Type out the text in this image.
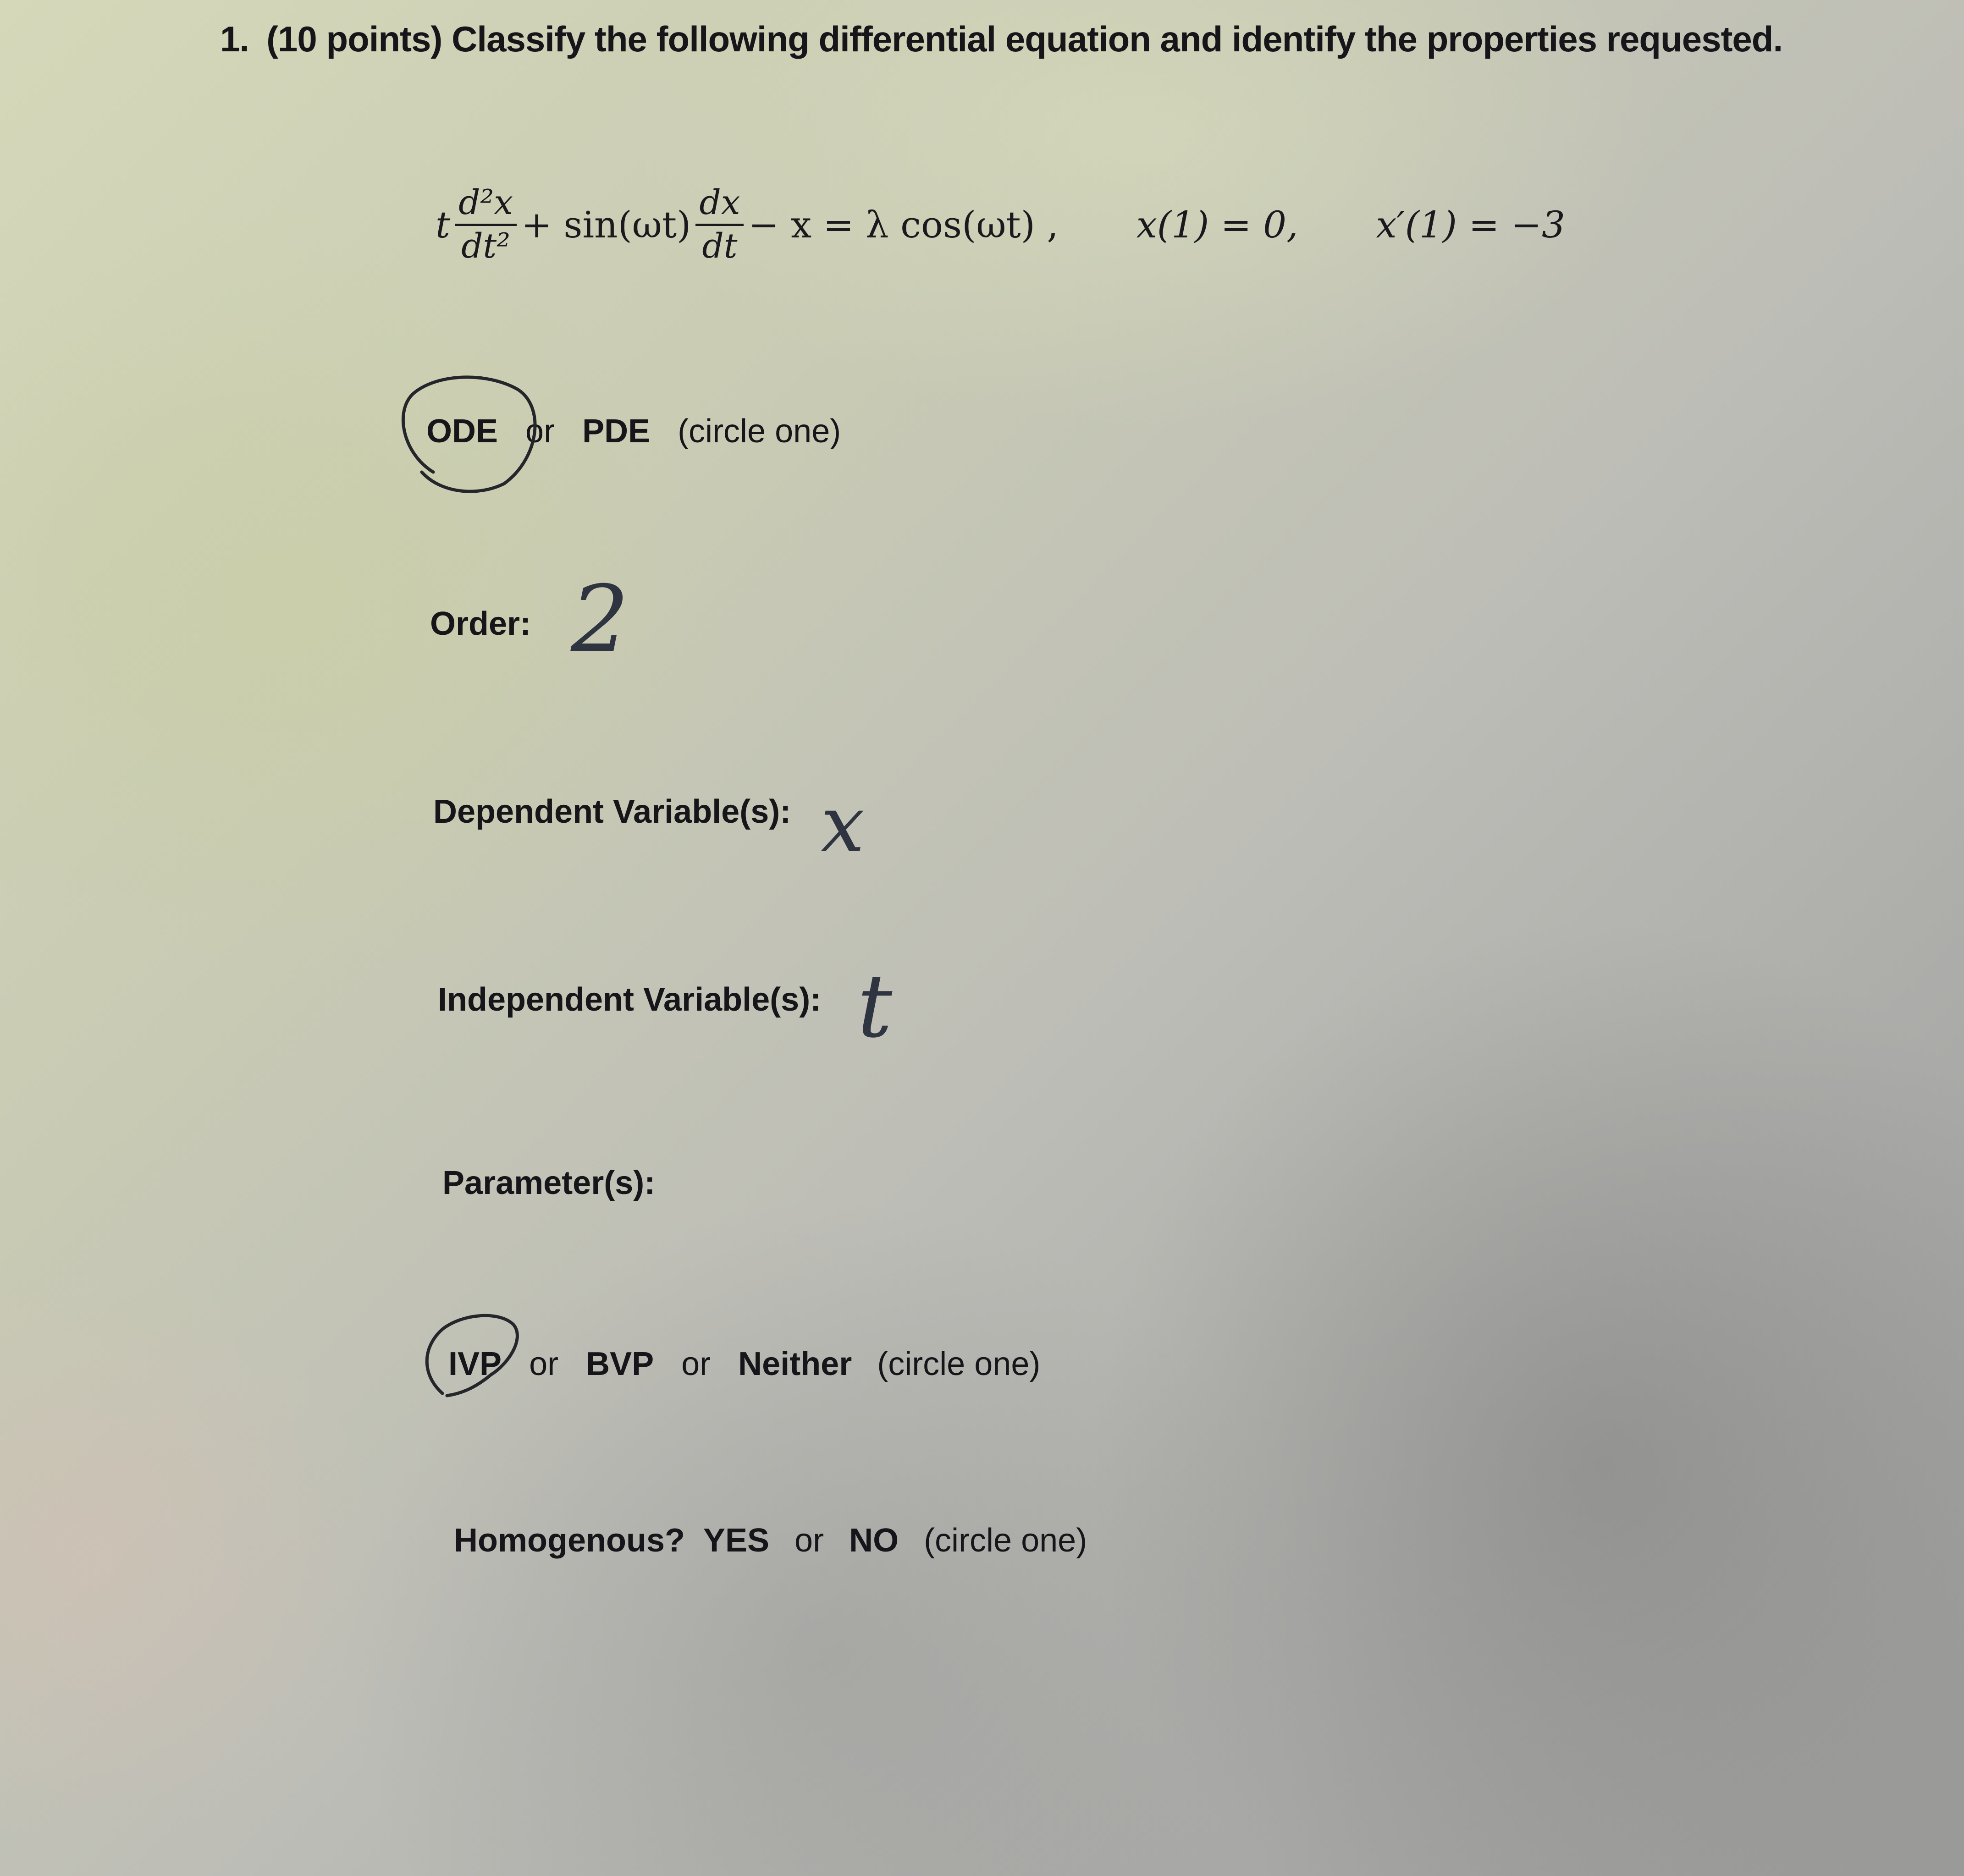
1. (10 points) Classify the following differential equation and identify the properties requested.
t
d²x
dt² + sin(ωt)
dx
dt − x = λ cos(ωt) , x(1) = 0, x′(1) = −3
ODE or PDE (circle one)
Order: 2
Dependent Variable(s): x
Independent Variable(s): t
Parameter(s):
IVP or BVP or Neither (circle one)
Homogenous? YES or NO (circle one)
